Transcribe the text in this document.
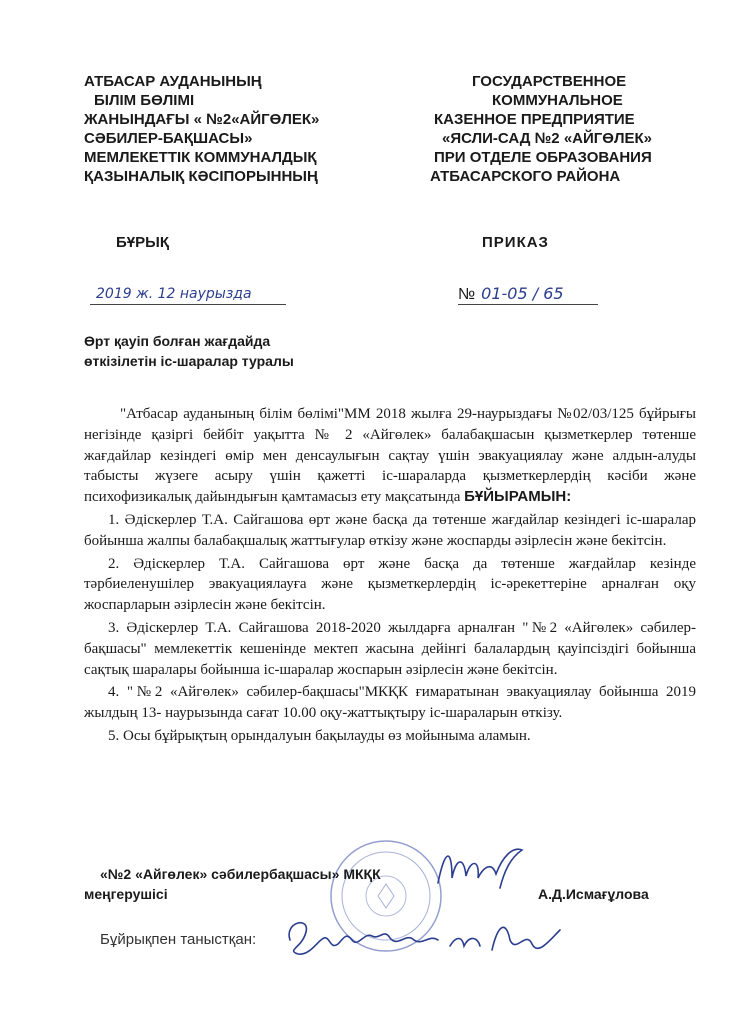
АТБАСАР АУДАНЫНЫҢ
БІЛІМ БӨЛІМІ
ЖАНЫНДАҒЫ « №2«АЙГӨЛЕК»
СӘБИЛЕР-БАҚШАСЫ»
МЕМЛЕКЕТТІК КОММУНАЛДЫҚ
ҚАЗЫНАЛЫҚ КӘСІПОРЫННЫҢ
ГОСУДАРСТВЕННОЕ
КОММУНАЛЬНОЕ
КАЗЕННОЕ ПРЕДПРИЯТИЕ
«ЯСЛИ-САД №2 «АЙГӨЛЕК»
ПРИ ОТДЕЛЕ ОБРАЗОВАНИЯ
АТБАСАРСКОГО РАЙОНА
БҰРЫҚ	ПРИКАЗ
2019 ж. 12 наурызда	№ 01-05 / 65
Өрт қауіп болған жағдайда
өткізілетін іс-шаралар туралы

"Атбасар ауданының білім бөлімі"ММ 2018 жылға 29-наурыздағы №02/03/125 бұйрығы негізінде қазіргі бейбіт уақытта № 2 «Айгөлек» балабақшасын қызметкерлер төтенше жағдайлар кезіндегі өмір мен денсаулығын сақтау үшін эвакуациялау және алдын-алуды табысты жүзеге асыру үшін қажетті іс-шараларда қызметкерлердің кәсіби және психофизикалық дайындығын қамтамасыз ету мақсатында БҰЙЫРАМЫН:

1. Әдіскерлер Т.А. Сайгашова өрт және басқа да төтенше жағдайлар кезіндегі іс-шаралар бойынша жалпы балабақшалық жаттығулар өткізу және жоспарды әзірлесін және бекітсін.

2. Әдіскерлер Т.А. Сайгашова өрт және басқа да төтенше жағдайлар кезінде тәрбиеленушілер эвакуациялауға және қызметкерлердің іс-әрекеттеріне арналған оқу жоспарларын әзірлесін және бекітсін.

3. Әдіскерлер Т.А. Сайгашова 2018-2020 жылдарға арналған "№2 «Айгөлек» сәбилер-бақшасы" мемлекеттік кешенінде мектеп жасына дейінгі балалардың қауіпсіздігі бойынша сақтық шаралары бойынша іс-шаралар жоспарын әзірлесін және бекітсін.

4. "№2 «Айгөлек» сәбилер-бақшасы"МКҚК ғимаратынан эвакуациялау бойынша 2019 жылдың 13- наурызында сағат 10.00 оқу-жаттықтыру іс-шараларын өткізу.

5. Осы бұйрықтың орындалуын бақылауды өз мойыныма аламын.

«№2 «Айгөлек» сәбилербақшасы» МКҚК
меңгерушісі	А.Д.Исмағұлова
Бұйрықпен таныстқан:
